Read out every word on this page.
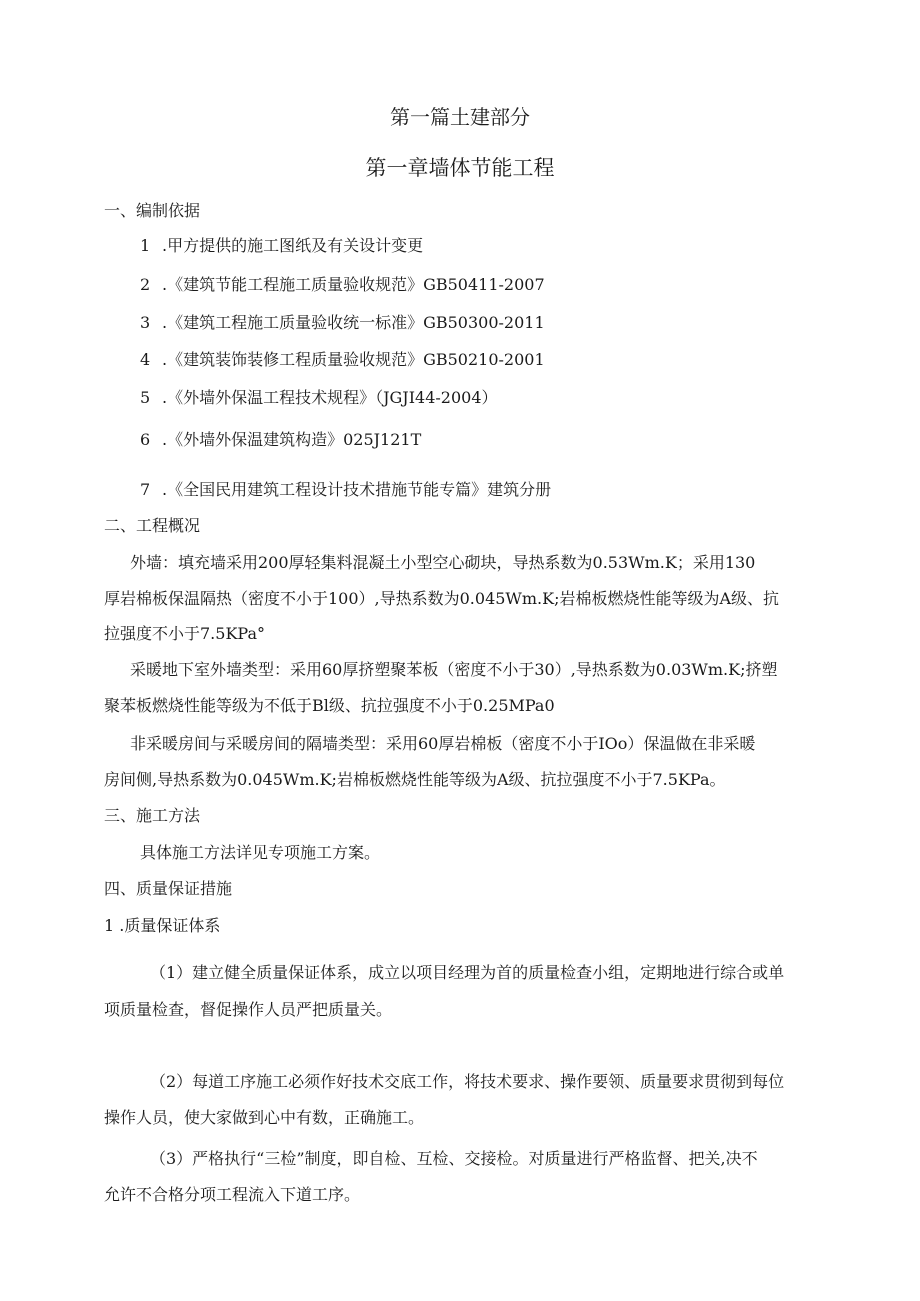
第一篇土建部分
第一章墙体节能工程
一、编制依据
1 .甲方提供的施工图纸及有关设计变更
2 .《建筑节能工程施工质量验收规范》GB50411-2007
3 .《建筑工程施工质量验收统一标准》GB50300-2011
4 .《建筑装饰装修工程质量验收规范》GB50210-2001
5 .《外墙外保温工程技术规程》（JGJI44-2004）
6 .《外墙外保温建筑构造》025J121T
7 .《全国民用建筑工程设计技术措施节能专篇》建筑分册
二、工程概况
外墙：填充墙采用200厚轻集料混凝土小型空心砌块，导热系数为0.53Wm.K；采用130
厚岩棉板保温隔热（密度不小于100）,导热系数为0.045Wm.K;岩棉板燃烧性能等级为A级、抗
拉强度不小于7.5KPa°
采暖地下室外墙类型：采用60厚挤塑聚苯板（密度不小于30）,导热系数为0.03Wm.K;挤塑
聚苯板燃烧性能等级为不低于Bl级、抗拉强度不小于0.25MPa0
非采暖房间与采暖房间的隔墙类型：采用60厚岩棉板（密度不小于IOo）保温做在非采暖
房间侧,导热系数为0.045Wm.K;岩棉板燃烧性能等级为A级、抗拉强度不小于7.5KPa。
三、施工方法
具体施工方法详见专项施工方案。
四、质量保证措施
1 .质量保证体系
（1）建立健全质量保证体系，成立以项目经理为首的质量检查小组，定期地进行综合或单
项质量检查，督促操作人员严把质量关。
（2）每道工序施工必须作好技术交底工作，将技术要求、操作要领、质量要求贯彻到每位
操作人员，使大家做到心中有数，正确施工。
（3）严格执行“三检”制度，即自检、互检、交接检。对质量进行严格监督、把关,决不
允许不合格分项工程流入下道工序。
